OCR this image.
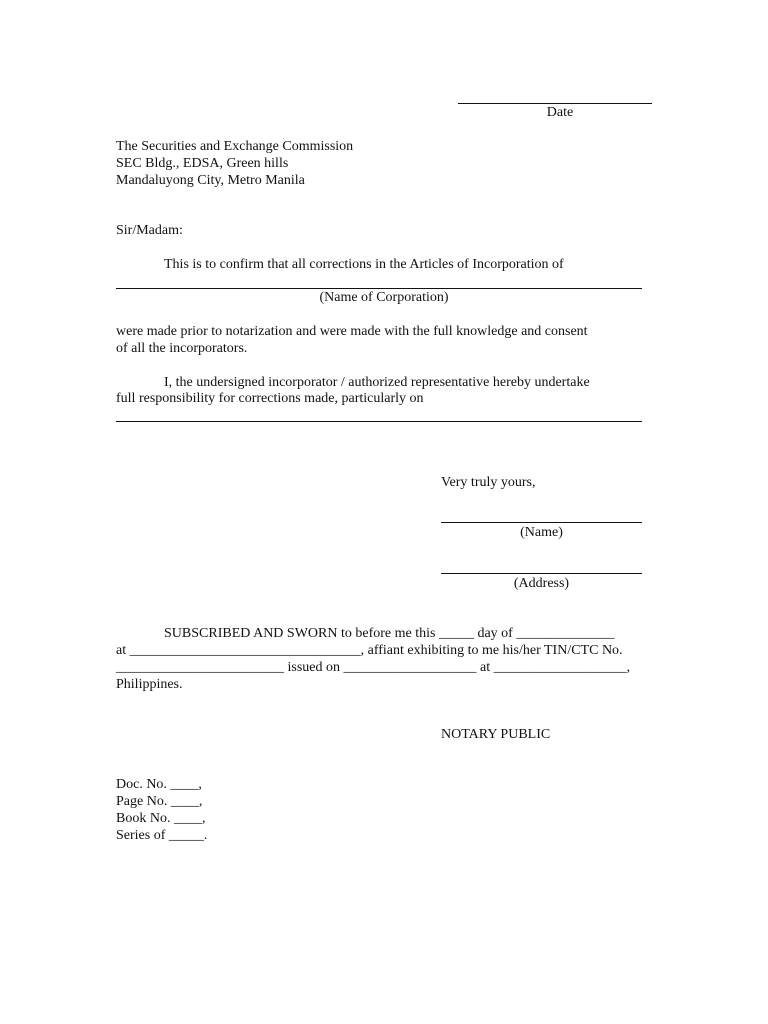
Date
The Securities and Exchange Commission
SEC Bldg., EDSA, Green hills
Mandaluyong City, Metro Manila
Sir/Madam:
This is to confirm that all corrections in the Articles of Incorporation of
(Name of Corporation)
were made prior to notarization and were made with the full knowledge and consent
of all the incorporators.
I, the undersigned incorporator / authorized representative hereby undertake
full responsibility for corrections made, particularly on
Very truly yours,
(Name)
(Address)
SUBSCRIBED AND SWORN to before me this _____ day of ______________
at _________________________________, affiant exhibiting to me his/her TIN/CTC No.
________________________ issued on ___________________ at ___________________,
Philippines.
NOTARY PUBLIC
Doc. No. ____,
Page No. ____,
Book No. ____,
Series of _____.
